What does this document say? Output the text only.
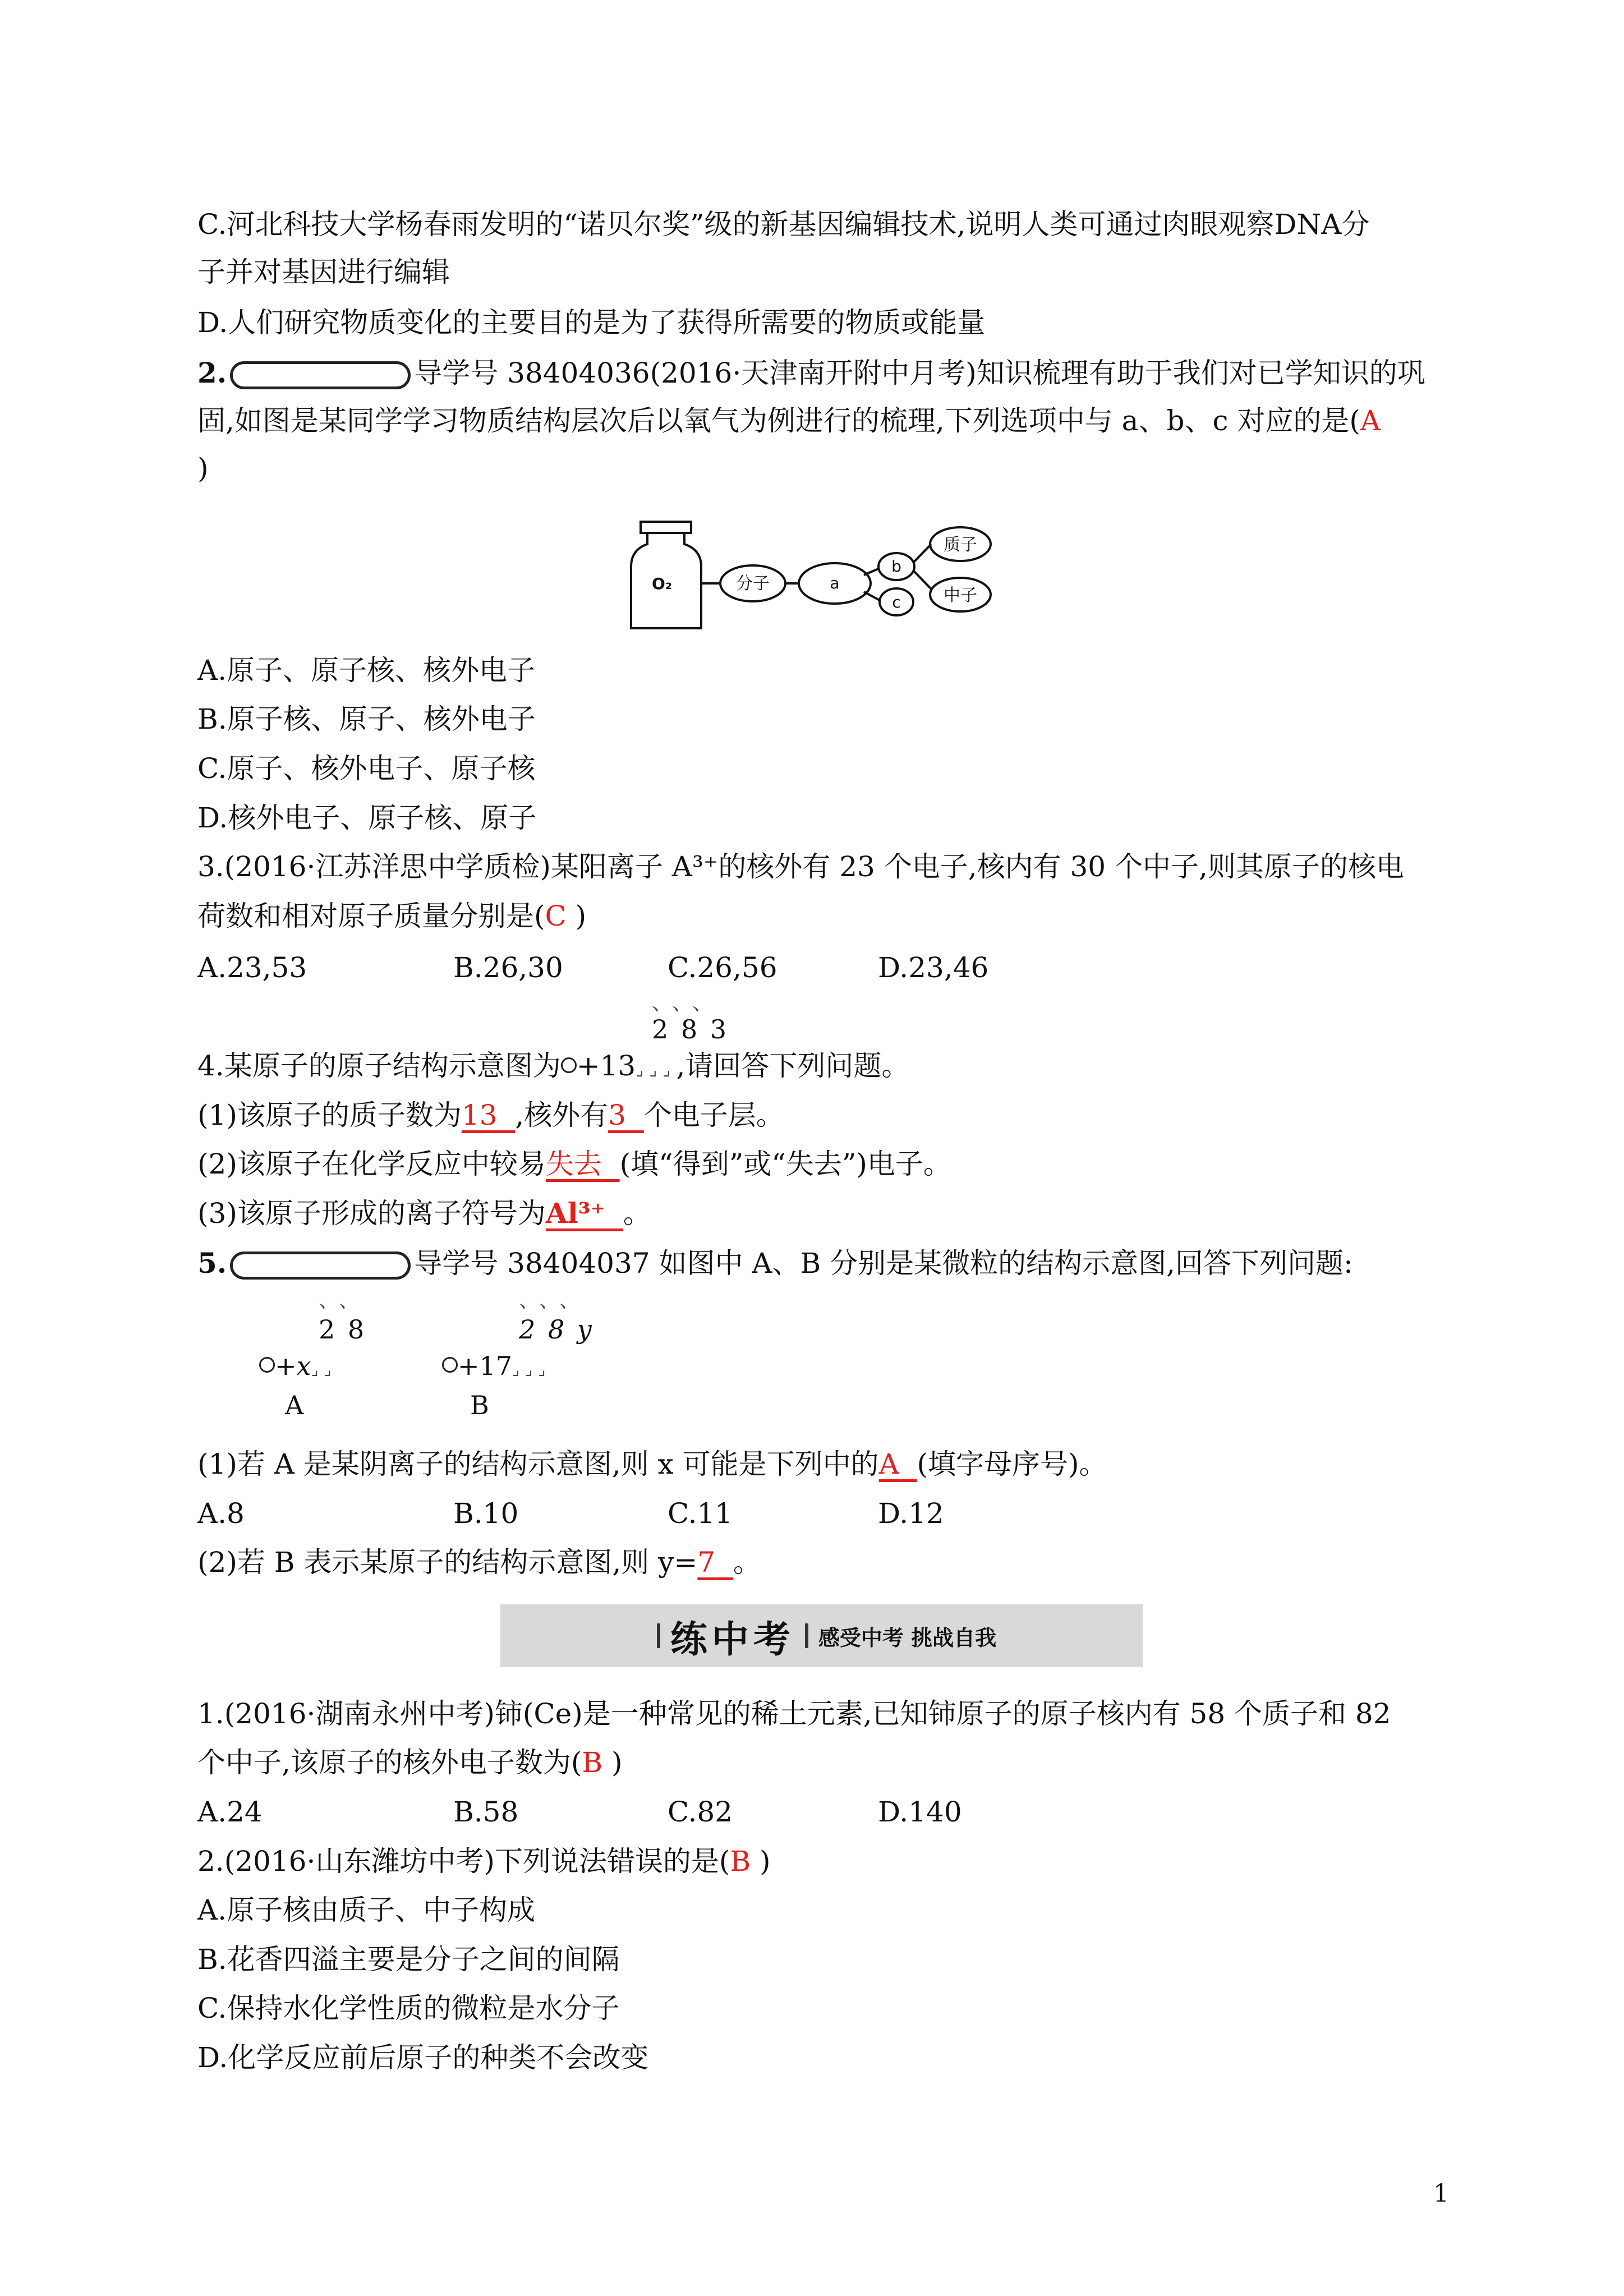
C.河北科技大学杨春雨发明的“诺贝尔奖”级的新基因编辑技术,说明人类可通过肉眼观察DNA分
子并对基因进行编辑
D.人们研究物质变化的主要目的是为了获得所需要的物质或能量
2.	导学号 38404036(2016·天津南开附中月考)知识梳理有助于我们对已学知识的巩
固,如图是某同学学习物质结构层次后以氧气为例进行的梳理,下列选项中与 a、b、c 对应的是(A
)
O₂	分子	a
b
c
质子
中子
A.原子、原子核、核外电子
B.原子核、原子、核外电子
C.原子、核外电子、原子核
D.核外电子、原子核、原子
3.(2016·江苏洋思中学质检)某阳离子 A³⁺的核外有 23 个电子,核内有 30 个中子,则其原子的核电
荷数和相对原子质量分别是(C )
A.23,53	B.26,30	C.26,56	D.23,46
、、、
2 8 3
4.某原子的原子结构示意图为 +13⌟⌟⌟,请回答下列问题。
(1)该原子的质子数为13 ,核外有3 个电子层。
(2)该原子在化学反应中较易失去 (填“得到”或“失去”)电子。
(3)该原子形成的离子符号为Al³⁺ 。
5.	导学号 38404037 如图中 A、B 分别是某微粒的结构示意图,回答下列问题:
、、
2 8
+x⌟⌟
A
、、、
2 8 y
+17⌟⌟⌟
B
(1)若 A 是某阴离子的结构示意图,则 x 可能是下列中的A (填字母序号)。
A.8	B.10	C.11	D.12
(2)若 B 表示某原子的结构示意图,则 y=7 。
练中考 感受中考 挑战自我
1.(2016·湖南永州中考)铈(Ce)是一种常见的稀土元素,已知铈原子的原子核内有 58 个质子和 82
个中子,该原子的核外电子数为(B )
A.24	B.58	C.82	D.140
2.(2016·山东潍坊中考)下列说法错误的是(B )
A.原子核由质子、中子构成
B.花香四溢主要是分子之间的间隔
C.保持水化学性质的微粒是水分子
D.化学反应前后原子的种类不会改变
1
